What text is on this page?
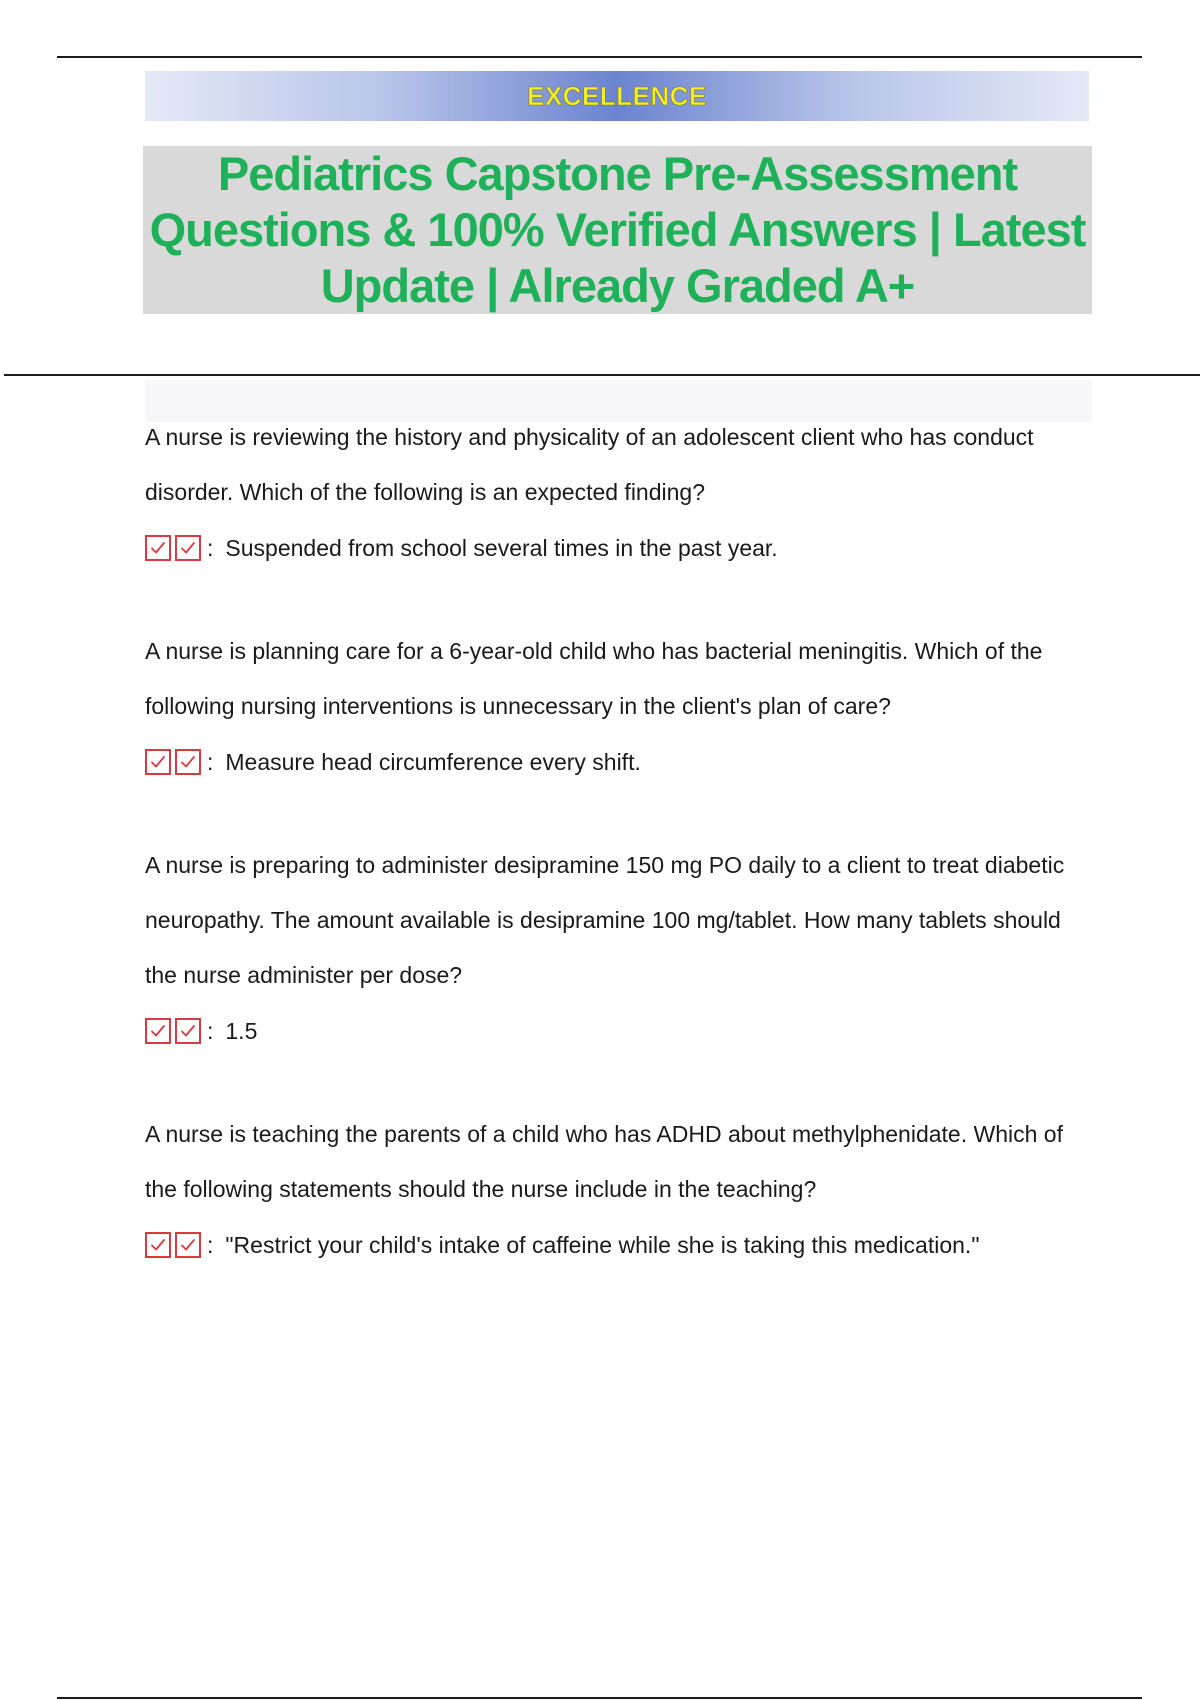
EXCELLENCE
Pediatrics Capstone Pre-Assessment Questions & 100% Verified Answers | Latest Update | Already Graded A+

A nurse is reviewing the history and physicality of an adolescent client who has conduct disorder. Which of the following is an expected finding?

: Suspended from school several times in the past year.

A nurse is planning care for a 6-year-old child who has bacterial meningitis. Which of the following nursing interventions is unnecessary in the client's plan of care?

: Measure head circumference every shift.

A nurse is preparing to administer desipramine 150 mg PO daily to a client to treat diabetic neuropathy. The amount available is desipramine 100 mg/tablet. How many tablets should the nurse administer per dose?

: 1.5

A nurse is teaching the parents of a child who has ADHD about methylphenidate. Which of the following statements should the nurse include in the teaching?

: "Restrict your child's intake of caffeine while she is taking this medication."
